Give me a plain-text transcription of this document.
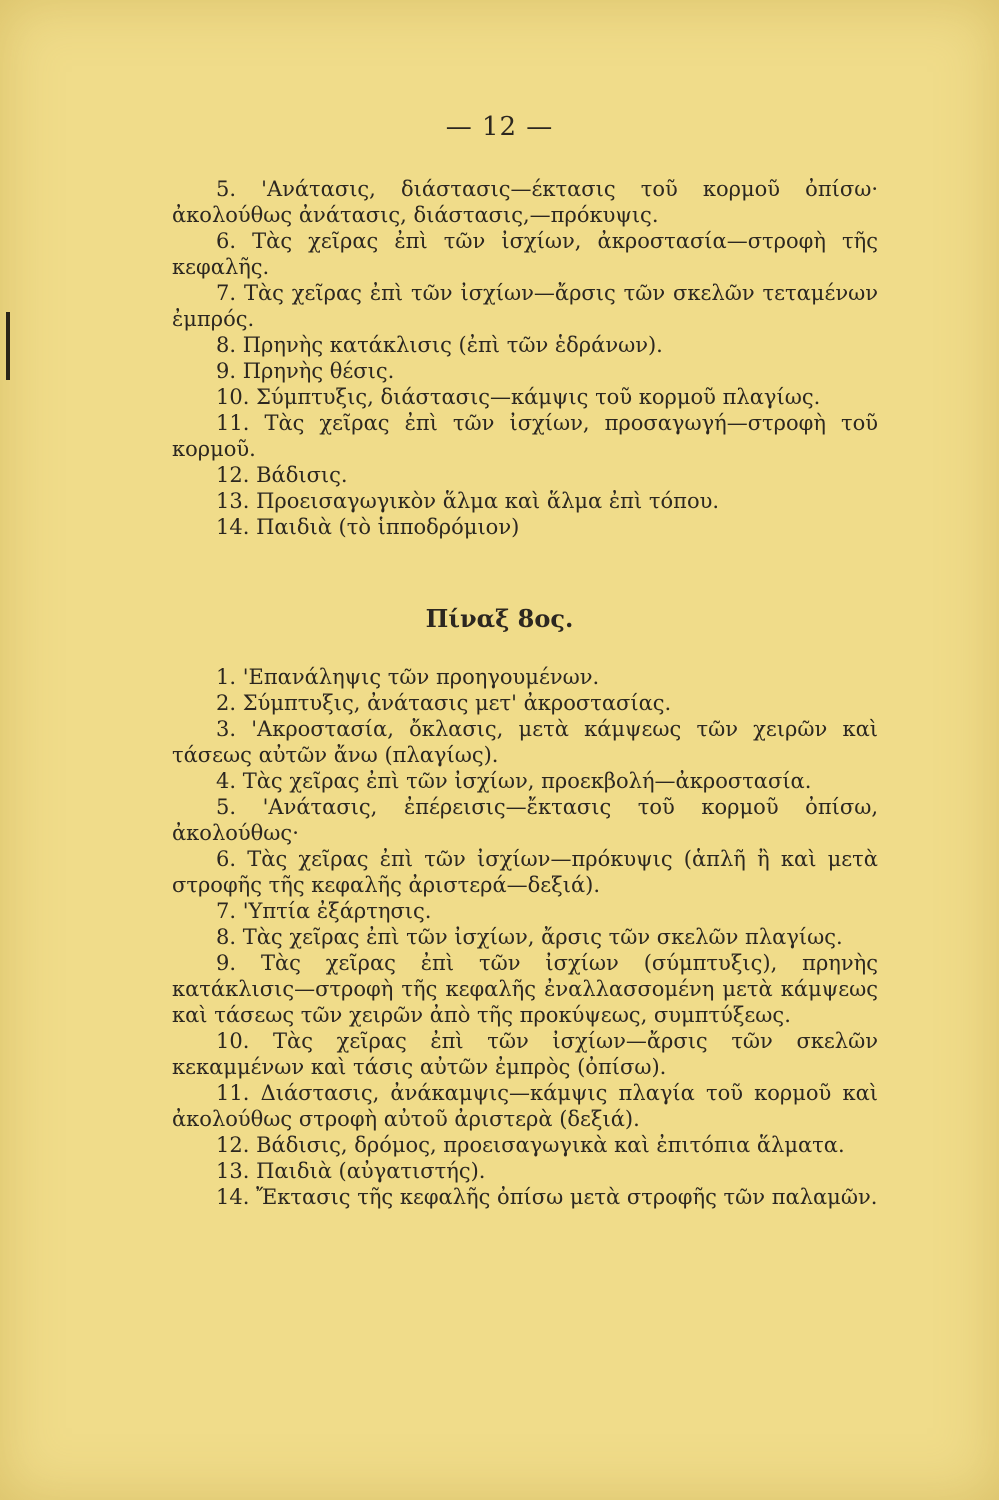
— 12 —

5. 'Ανάτασις, διάστασις—έκτασις τοῦ κορμοῦ ὀπίσω· ἀκολούθως ἀνάτασις, διάστασις,—πρόκυψις.

6. Τὰς χεῖρας ἐπὶ τῶν ἰσχίων, ἀκροστασία—στροφὴ τῆς κεφαλῆς.

7. Τὰς χεῖρας ἐπὶ τῶν ἰσχίων—ἄρσις τῶν σκελῶν τεταμένων ἐμπρός.

8. Πρηνὴς κατάκλισις (ἐπὶ τῶν ἑδράνων).

9. Πρηνὴς θέσις.

10. Σύμπτυξις, διάστασις—κάμψις τοῦ κορμοῦ πλαγίως.

11. Τὰς χεῖρας ἐπὶ τῶν ἰσχίων, προσαγωγή—στροφὴ τοῦ κορμοῦ.

12. Βάδισις.

13. Προεισαγωγικὸν ἅλμα καὶ ἅλμα ἐπὶ τόπου.

14. Παιδιὰ (τὸ ἱπποδρόμιον)

Πίναξ 8ος.

1. 'Επανάληψις τῶν προηγουμένων.

2. Σύμπτυξις, ἀνάτασις μετ' ἀκροστασίας.

3. 'Ακροστασία, ὄκλασις, μετὰ κάμψεως τῶν χειρῶν καὶ τάσεως αὐτῶν ἄνω (πλαγίως).

4. Τὰς χεῖρας ἐπὶ τῶν ἰσχίων, προεκβολή—ἀκροστασία.

5. 'Ανάτασις, ἐπέρεισις—ἔκτασις τοῦ κορμοῦ ὀπίσω, ἀκολούθως·

6. Τὰς χεῖρας ἐπὶ τῶν ἰσχίων—πρόκυψις (ἁπλῆ ἢ καὶ μετὰ στροφῆς τῆς κεφαλῆς ἀριστερά—δεξιά).

7. 'Υπτία ἐξάρτησις.

8. Τὰς χεῖρας ἐπὶ τῶν ἰσχίων, ἄρσις τῶν σκελῶν πλαγίως.

9. Τὰς χεῖρας ἐπὶ τῶν ἰσχίων (σύμπτυξις), πρηνὴς κατάκλισις—στροφὴ τῆς κεφαλῆς ἐναλλασσομένη μετὰ κάμψεως καὶ τάσεως τῶν χειρῶν ἀπὸ τῆς προκύψεως, συμπτύξεως.

10. Τὰς χεῖρας ἐπὶ τῶν ἰσχίων—ἄρσις τῶν σκελῶν κεκαμμένων καὶ τάσις αὐτῶν ἐμπρὸς (ὀπίσω).

11. Διάστασις, ἀνάκαμψις—κάμψις πλαγία τοῦ κορμοῦ καὶ ἀκολούθως στροφὴ αὐτοῦ ἀριστερὰ (δεξιά).

12. Βάδισις, δρόμος, προεισαγωγικὰ καὶ ἐπιτόπια ἅλματα.

13. Παιδιὰ (αὐγατιστής).

14. Ἔκτασις τῆς κεφαλῆς ὀπίσω μετὰ στροφῆς τῶν παλαμῶν.
